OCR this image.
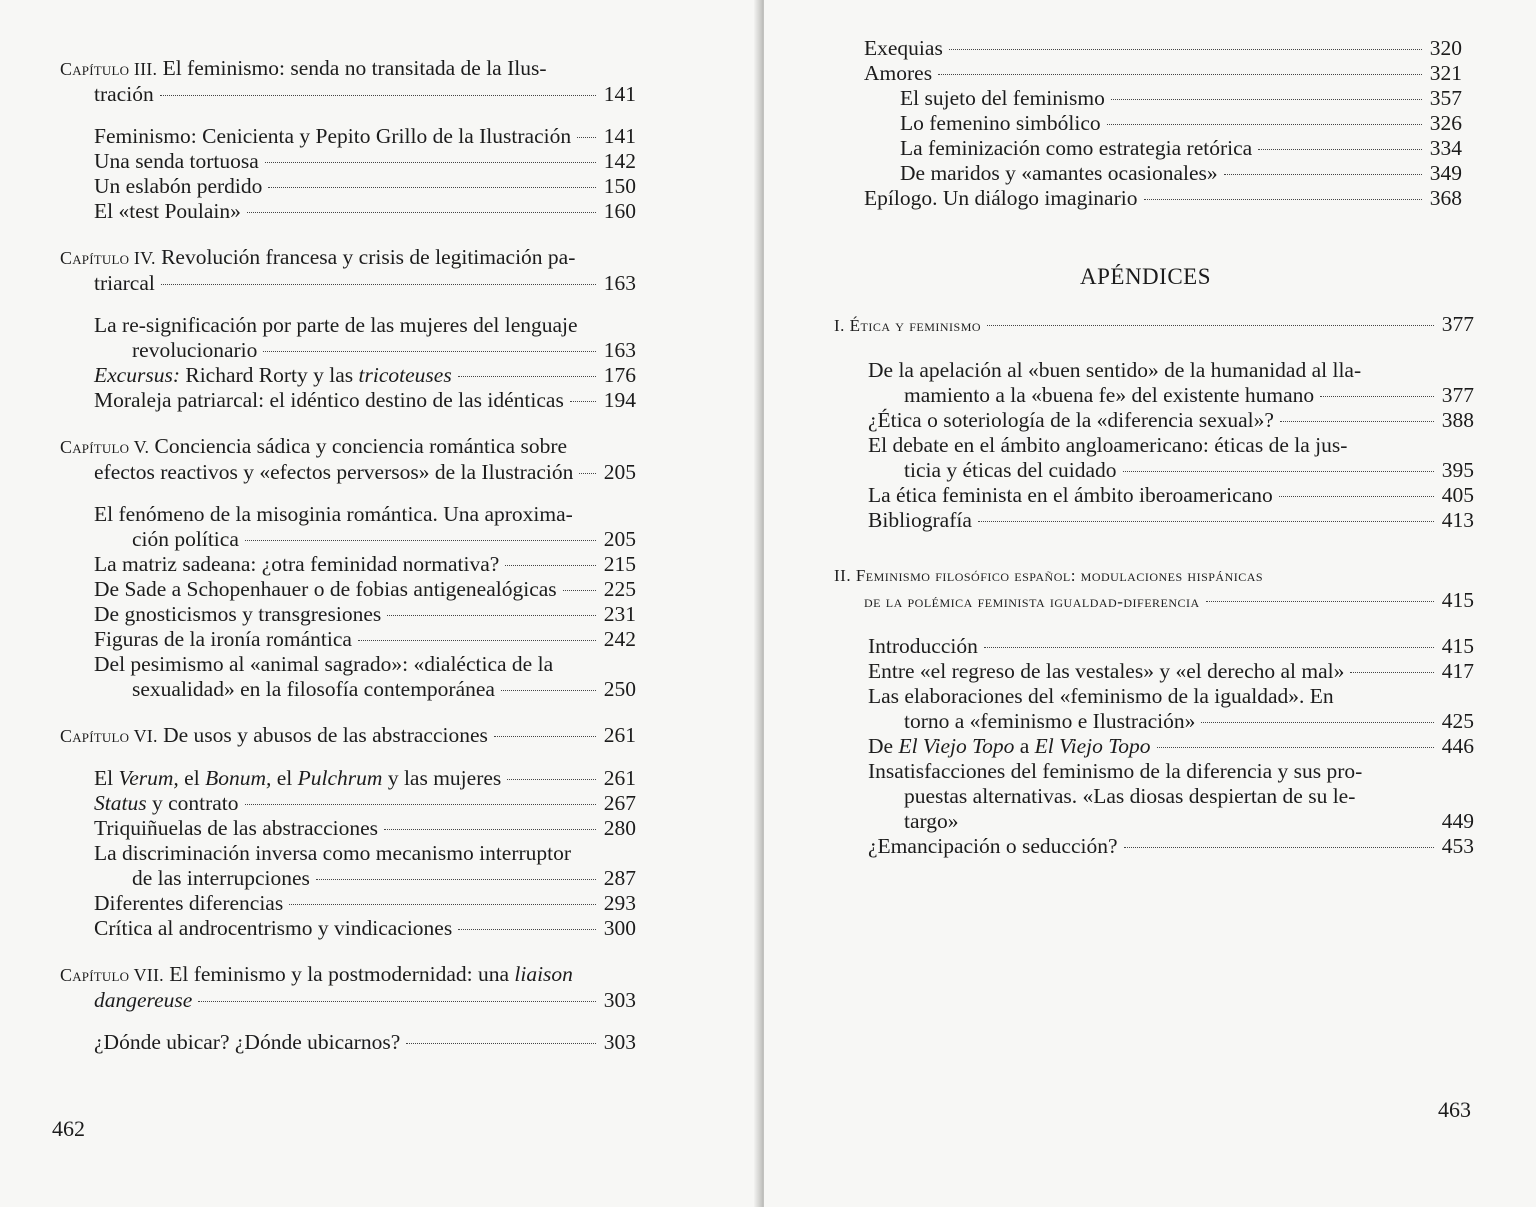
Capítulo III. El feminismo: senda no transitada de la Ilus-
tración	141
Feminismo: Cenicienta y Pepito Grillo de la Ilustración 141
Una senda tortuosa	142
Un eslabón perdido	150
El «test Poulain»	160
Capítulo IV. Revolución francesa y crisis de legitimación pa-
triarcal	163
La re-significación por parte de las mujeres del lenguaje
revolucionario	163
Excursus: Richard Rorty y las tricoteuses	176
Moraleja patriarcal: el idéntico destino de las idénticas 194
Capítulo V. Conciencia sádica y conciencia romántica sobre
efectos reactivos y «efectos perversos» de la Ilustración 205
El fenómeno de la misoginia romántica. Una aproxima-
ción política	205
La matriz sadeana: ¿otra feminidad normativa?	215
De Sade a Schopenhauer o de fobias antigenealógicas 225
De gnosticismos y transgresiones	231
Figuras de la ironía romántica	242
Del pesimismo al «animal sagrado»: «dialéctica de la
sexualidad» en la filosofía contemporánea	250
Capítulo VI. De usos y abusos de las abstracciones	261
El Verum, el Bonum, el Pulchrum y las mujeres	261
Status y contrato	267
Triquiñuelas de las abstracciones	280
La discriminación inversa como mecanismo interruptor
de las interrupciones	287
Diferentes diferencias	293
Crítica al androcentrismo y vindicaciones	300
Capítulo VII. El feminismo y la postmodernidad: una liaison
dangereuse	303
¿Dónde ubicar? ¿Dónde ubicarnos?	303
462
Exequias	320
Amores	321
El sujeto del feminismo	357
Lo femenino simbólico	326
La feminización como estrategia retórica	334
De maridos y «amantes ocasionales»	349
Epílogo. Un diálogo imaginario	368
APÉNDICES
I. Ética y feminismo	377
De la apelación al «buen sentido» de la humanidad al lla-
mamiento a la «buena fe» del existente humano	377
¿Ética o soteriología de la «diferencia sexual»?	388
El debate en el ámbito angloamericano: éticas de la jus-
ticia y éticas del cuidado	395
La ética feminista en el ámbito iberoamericano	405
Bibliografía	413
II. Feminismo filosófico español: modulaciones hispánicas
de la polémica feminista igualdad-diferencia	415
Introducción	415
Entre «el regreso de las vestales» y «el derecho al mal»	417
Las elaboraciones del «feminismo de la igualdad». En
torno a «feminismo e Ilustración»	425
De El Viejo Topo a El Viejo Topo	446
Insatisfacciones del feminismo de la diferencia y sus pro-
puestas alternativas. «Las diosas despiertan de su le-
targo»	449
¿Emancipación o seducción?	453
463
